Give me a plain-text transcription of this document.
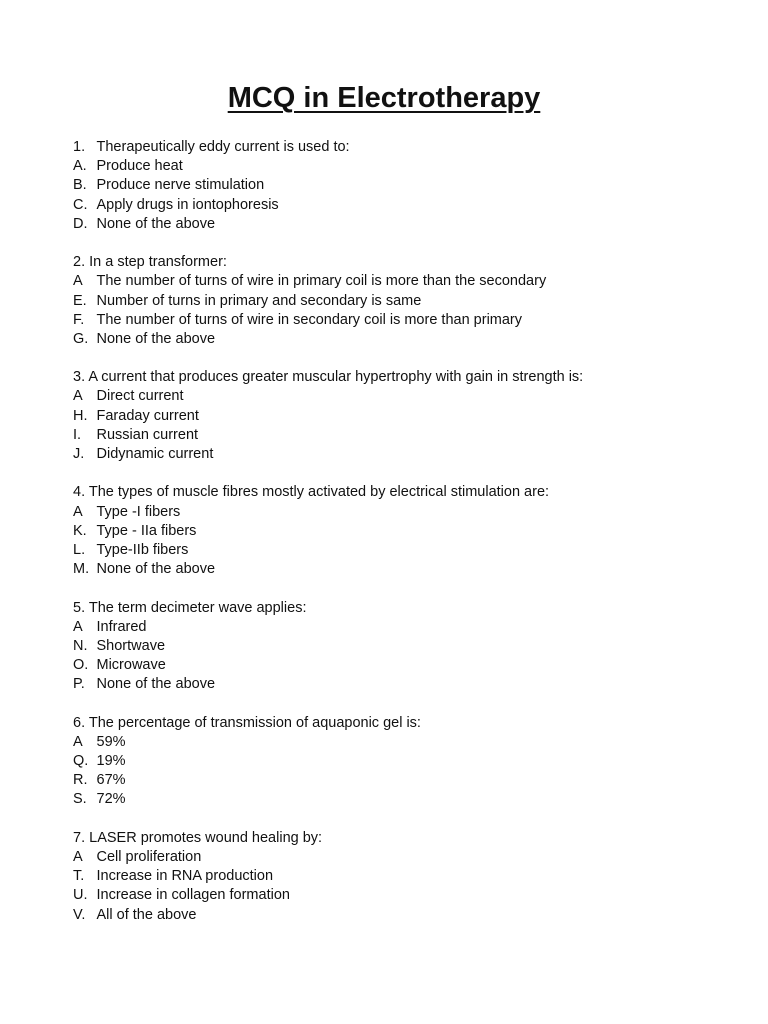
MCQ in Electrotherapy
1. Therapeutically eddy current is used to:
A. Produce heat
B. Produce nerve stimulation
C. Apply drugs in iontophoresis
D. None of the above
2. In a step transformer:
A The number of turns of wire in primary coil is more than the secondary
E. Number of turns in primary and secondary is same
F. The number of turns of wire in secondary coil is more than primary
G. None of the above
3. A current that produces greater muscular hypertrophy with gain in strength is:
A Direct current
H. Faraday current
I.	Russian current
J. Didynamic current
4. The types of muscle fibres mostly activated by electrical stimulation are:
A Type -I fibers
K. Type - IIa fibers
L. Type-IIb fibers
M. None of the above
5. The term decimeter wave applies:
A Infrared
N. Shortwave
O. Microwave
P. None of the above
6. The percentage of transmission of aquaponic gel is:
A 59%
Q. 19%
R. 67%
S. 72%
7. LASER promotes wound healing by:
A Cell proliferation
T. Increase in RNA production
U. Increase in collagen formation
V. All of the above
